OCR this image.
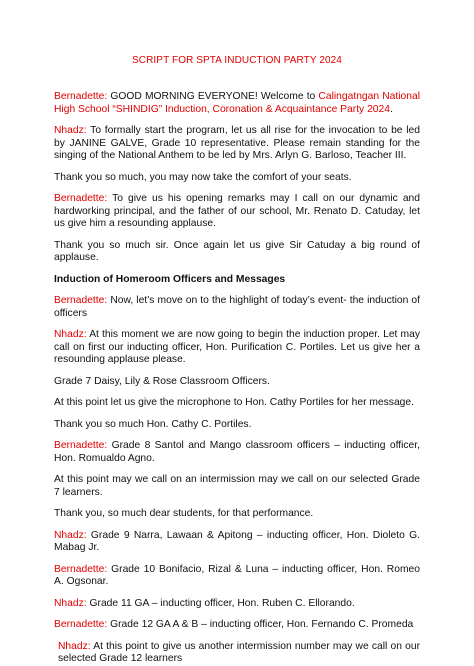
SCRIPT FOR SPTA INDUCTION PARTY 2024

Bernadette: GOOD MORNING EVERYONE! Welcome to Calingatngan National High School “SHINDIG” Induction, Coronation & Acquaintance Party 2024.

Nhadz: To formally start the program, let us all rise for the invocation to be led by JANINE GALVE, Grade 10 representative. Please remain standing for the singing of the National Anthem to be led by Mrs. Arlyn G. Barloso, Teacher III.

Thank you so much, you may now take the comfort of your seats.

Bernadette: To give us his opening remarks may I call on our dynamic and hardworking principal, and the father of our school, Mr. Renato D. Catuday, let us give him a resounding applause.

Thank you so much sir. Once again let us give Sir Catuday a big round of applause.

Induction of Homeroom Officers and Messages

Bernadette: Now, let’s move on to the highlight of today’s event- the induction of officers

Nhadz: At this moment we are now going to begin the induction proper. Let may call on first our inducting officer, Hon. Purification C. Portiles. Let us give her a resounding applause please.

Grade 7 Daisy, Lily & Rose Classroom Officers.

At this point let us give the microphone to Hon. Cathy Portiles for her message.

Thank you so much Hon. Cathy C. Portiles.

Bernadette: Grade 8 Santol and Mango classroom officers – inducting officer, Hon. Romualdo Agno.

At this point may we call on an intermission may we call on our selected Grade 7 learners.

Thank you, so much dear students, for that performance.

Nhadz: Grade 9 Narra, Lawaan & Apitong – inducting officer, Hon. Dioleto G. Mabag Jr.

Bernadette: Grade 10 Bonifacio, Rizal & Luna – inducting officer, Hon. Romeo A. Ogsonar.

Nhadz: Grade 11 GA – inducting officer, Hon. Ruben C. Ellorando.

Bernadette: Grade 12 GA A & B – inducting officer, Hon. Fernando C. Promeda

Nhadz: At this point to give us another intermission number may we call on our selected Grade 12 learners
